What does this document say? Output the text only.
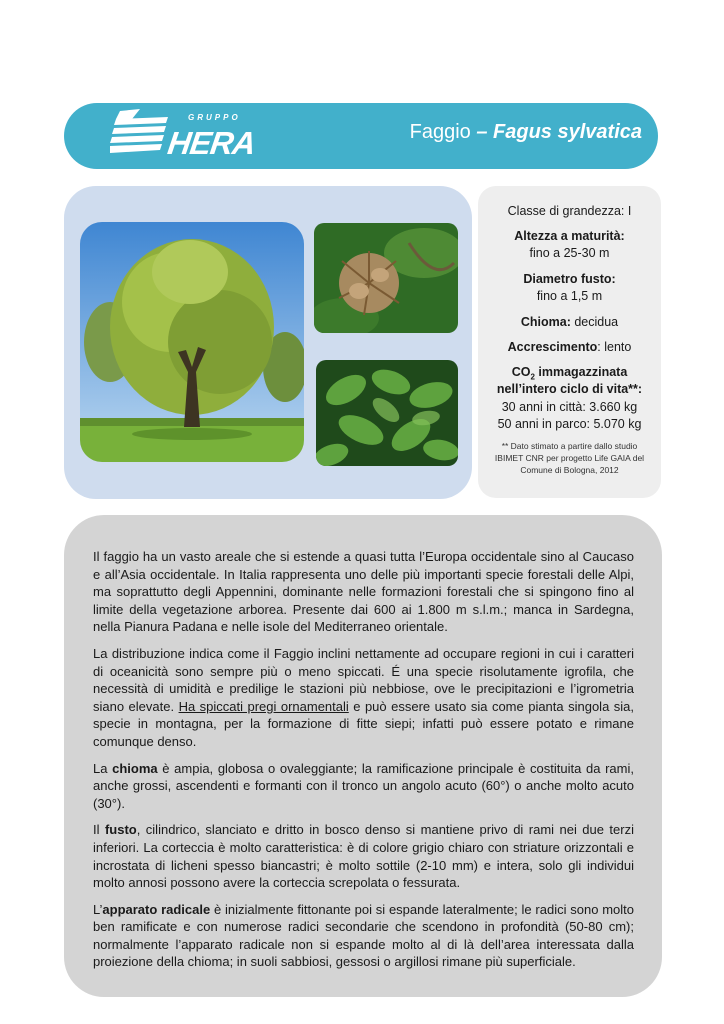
GRUPPO
HERA	Faggio – Fagus sylvatica
Classe di grandezza: I
Altezza a maturità:
fino a 25-30 m
Diametro fusto:
fino a 1,5 m
Chioma: decidua
Accrescimento: lento
$CO_2$ immagazzinata
nell’intero ciclo di vita**:
30 anni in città: 3.660 kg
50 anni in parco: 5.070 kg
** Dato stimato a partire dallo studio
IBIMET CNR per progetto Life GAIA del
Comune di Bologna, 2012

Il faggio ha un vasto areale che si estende a quasi tutta l’Europa occidentale sino al Caucaso e all’Asia occidentale. In Italia rappresenta uno delle più importanti specie forestali delle Alpi, ma soprattutto degli Appennini, dominante nelle formazioni forestali che si spingono fino al limite della vegetazione arborea. Presente dai 600 ai 1.800 m s.l.m.; manca in Sardegna, nella Pianura Padana e nelle isole del Mediterraneo orientale.

La distribuzione indica come il Faggio inclini nettamente ad occupare regioni in cui i caratteri di oceanicità sono sempre più o meno spiccati. É una specie risolutamente igrofila, che necessità di umidità e predilige le stazioni più nebbiose, ove le precipitazioni e l’igrometria siano elevate. Ha spiccati pregi ornamentali e può essere usato sia come pianta singola sia, specie in montagna, per la formazione di fitte siepi; infatti può essere potato e rimane comunque denso.

La chioma è ampia, globosa o ovaleggiante; la ramificazione principale è costituita da rami, anche grossi, ascendenti e formanti con il tronco un angolo acuto (60°) o anche molto acuto (30°).

Il fusto, cilindrico, slanciato e dritto in bosco denso si mantiene privo di rami nei due terzi inferiori. La corteccia è molto caratteristica: è di colore grigio chiaro con striature orizzontali e incrostata di licheni spesso biancastri; è molto sottile (2-10 mm) e intera, solo gli individui molto annosi possono avere la corteccia screpolata o fessurata.

L’apparato radicale è inizialmente fittonante poi si espande lateralmente; le radici sono molto ben ramificate e con numerose radici secondarie che scendono in profondità (50-80 cm); normalmente l’apparato radicale non si espande molto al di là dell’area interessata dalla proiezione della chioma; in suoli sabbiosi, gessosi o argillosi rimane più superficiale.
